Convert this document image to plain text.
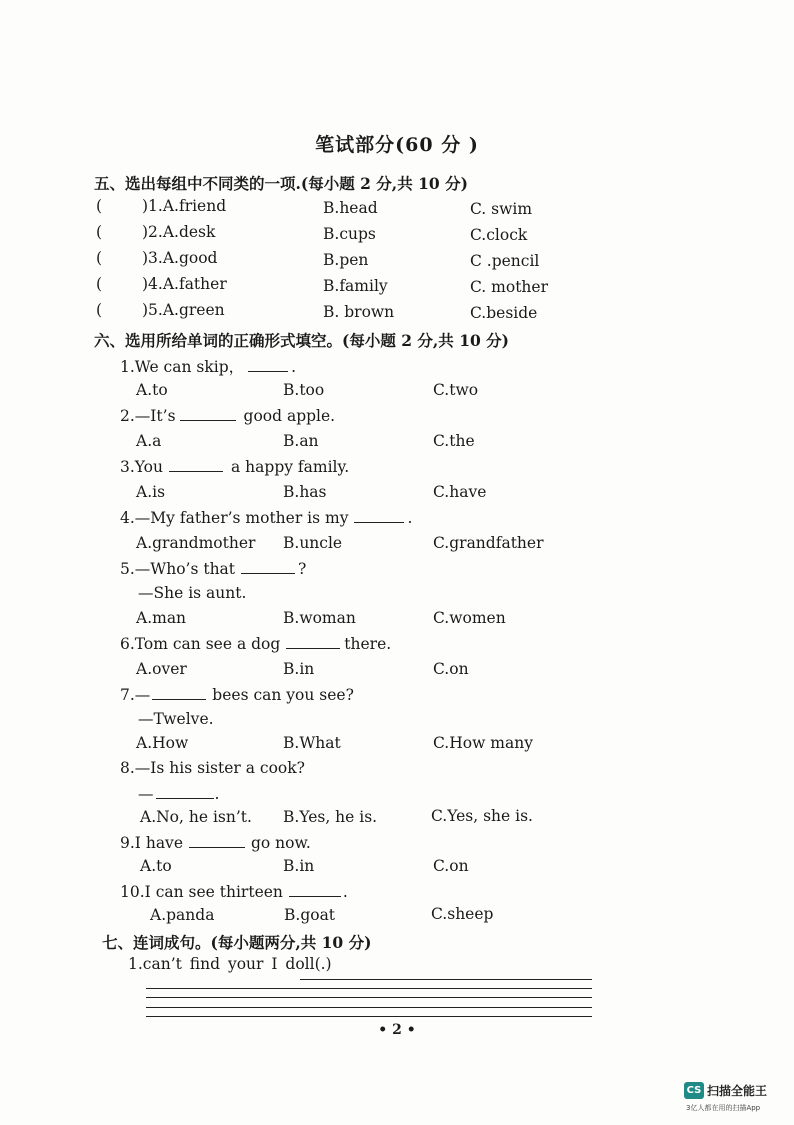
笔试部分(60 分 )
五、选出每组中不同类的一项.(每小题 2 分,共 10 分)
(	)1.A.friend	B.head	C. swim
(	)2.A.desk	B.cups	C.clock
(	)3.A.good	B.pen	C .pencil
(	)4.A.father	B.family	C. mother
(	)5.A.green	B. brown	C.beside
六、选用所给单词的正确形式填空。(每小题 2 分,共 10 分)
1.We can skip，	.
A.to	B.too	C.two
2.—It’s	good apple.
A.a	B.an	C.the
3.You	a happy family.
A.is	B.has	C.have
4.—My father’s mother is my	.
A.grandmother B.uncle	C.grandfather
5.—Who’s that	?
—She is aunt.
A.man	B.woman	C.women
6.Tom can see a dog	there.
A.over	B.in	C.on
7.—	bees can you see?
—Twelve.
A.How	B.What	C.How many
8.—Is his sister a cook?
—	.
A.No, he isn’t. B.Yes, he is.	C.Yes, she is.
9.I have	go now.
A.to	B.in	C.on
10.I can see thirteen	.
A.panda	B.goat	C.sheep
七、连词成句。(每小题两分,共 10 分)
1.can’t find your I doll(.)
• 2 •
CS 扫描全能王
3亿人都在用的扫描App
